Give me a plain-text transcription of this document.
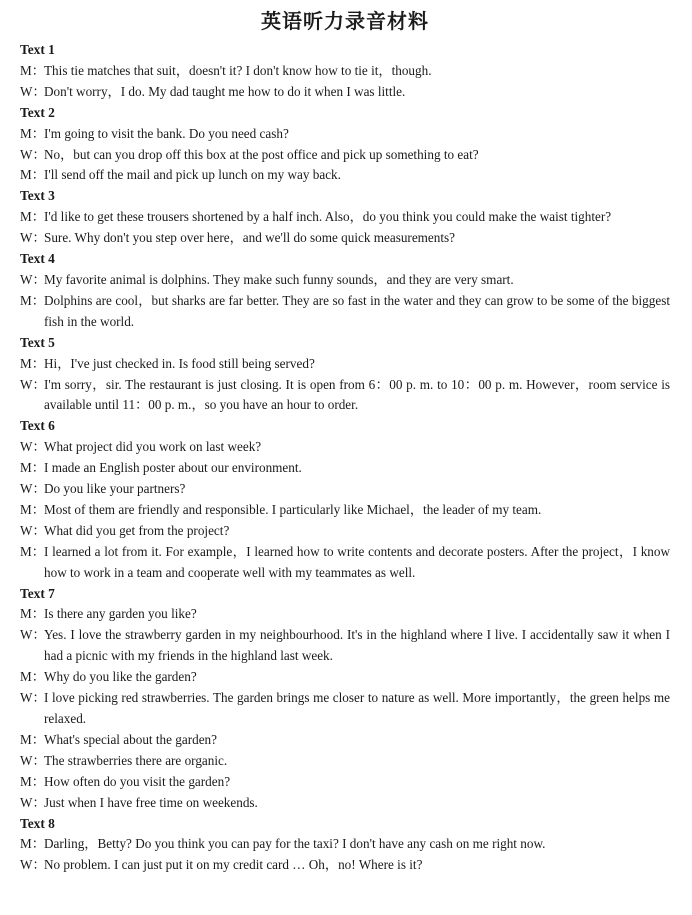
英语听力录音材料
Text 1
M：This tie matches that suit，doesn't it? I don't know how to tie it，though.
W：Don't worry，I do. My dad taught me how to do it when I was little.
Text 2
M：I'm going to visit the bank. Do you need cash?
W：No，but can you drop off this box at the post office and pick up something to eat?
M：I'll send off the mail and pick up lunch on my way back.
Text 3
M：I'd like to get these trousers shortened by a half inch. Also，do you think you could make the waist tighter?
W：Sure. Why don't you step over here，and we'll do some quick measurements?
Text 4
W：My favorite animal is dolphins. They make such funny sounds，and they are very smart.
M：Dolphins are cool，but sharks are far better. They are so fast in the water and they can grow to be some of the biggest fish in the world.
Text 5
M：Hi，I've just checked in. Is food still being served?
W：I'm sorry，sir. The restaurant is just closing. It is open from 6：00 p. m. to 10：00 p. m. However，room service is available until 11：00 p. m.，so you have an hour to order.
Text 6
W：What project did you work on last week?
M：I made an English poster about our environment.
W：Do you like your partners?
M：Most of them are friendly and responsible. I particularly like Michael，the leader of my team.
W：What did you get from the project?
M：I learned a lot from it. For example，I learned how to write contents and decorate posters. After the project，I know how to work in a team and cooperate well with my teammates as well.
Text 7
M：Is there any garden you like?
W：Yes. I love the strawberry garden in my neighbourhood. It's in the highland where I live. I accidentally saw it when I had a picnic with my friends in the highland last week.
M：Why do you like the garden?
W：I love picking red strawberries. The garden brings me closer to nature as well. More importantly，the green helps me relaxed.
M：What's special about the garden?
W：The strawberries there are organic.
M：How often do you visit the garden?
W：Just when I have free time on weekends.
Text 8
M：Darling，Betty? Do you think you can pay for the taxi? I don't have any cash on me right now.
W：No problem. I can just put it on my credit card … Oh，no! Where is it?
